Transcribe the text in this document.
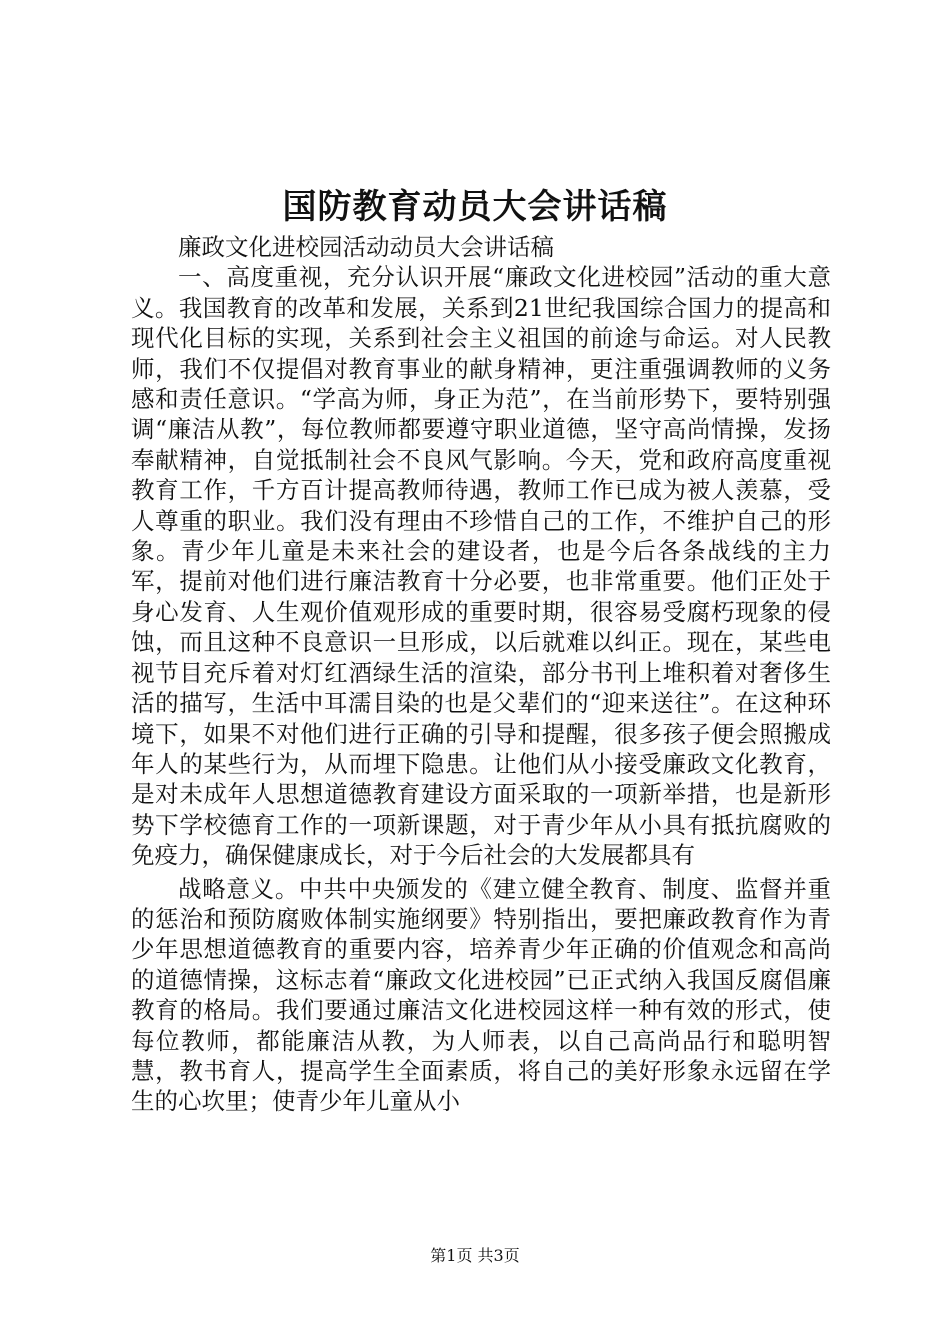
国防教育动员大会讲话稿

廉政文化进校园活动动员大会讲话稿

一、高度重视，充分认识开展“廉政文化进校园”活动的重大意义。我国教育的改革和发展，关系到21世纪我国综合国力的提高和现代化目标的实现，关系到社会主义祖国的前途与命运。对人民教师，我们不仅提倡对教育事业的献身精神，更注重强调教师的义务感和责任意识。“学高为师，身正为范”，在当前形势下，要特别强调“廉洁从教”，每位教师都要遵守职业道德，坚守高尚情操，发扬奉献精神，自觉抵制社会不良风气影响。今天，党和政府高度重视教育工作，千方百计提高教师待遇，教师工作已成为被人羡慕，受人尊重的职业。我们没有理由不珍惜自己的工作，不维护自己的形象。青少年儿童是未来社会的建设者，也是今后各条战线的主力军，提前对他们进行廉洁教育十分必要，也非常重要。他们正处于身心发育、人生观价值观形成的重要时期，很容易受腐朽现象的侵蚀，而且这种不良意识一旦形成，以后就难以纠正。现在，某些电视节目充斥着对灯红酒绿生活的渲染，部分书刊上堆积着对奢侈生活的描写，生活中耳濡目染的也是父辈们的“迎来送往”。在这种环境下，如果不对他们进行正确的引导和提醒，很多孩子便会照搬成年人的某些行为，从而埋下隐患。让他们从小接受廉政文化教育，是对未成年人思想道德教育建设方面采取的一项新举措，也是新形势下学校德育工作的一项新课题，对于青少年从小具有抵抗腐败的免疫力，确保健康成长，对于今后社会的大发展都具有

战略意义。中共中央颁发的《建立健全教育、制度、监督并重的惩治和预防腐败体制实施纲要》特别指出，要把廉政教育作为青少年思想道德教育的重要内容，培养青少年正确的价值观念和高尚的道德情操，这标志着“廉政文化进校园”已正式纳入我国反腐倡廉教育的格局。我们要通过廉洁文化进校园这样一种有效的形式，使每位教师，都能廉洁从教，为人师表，以自己高尚品行和聪明智慧，教书育人，提高学生全面素质，将自己的美好形象永远留在学生的心坎里；使青少年儿童从小

第1页 共3页
